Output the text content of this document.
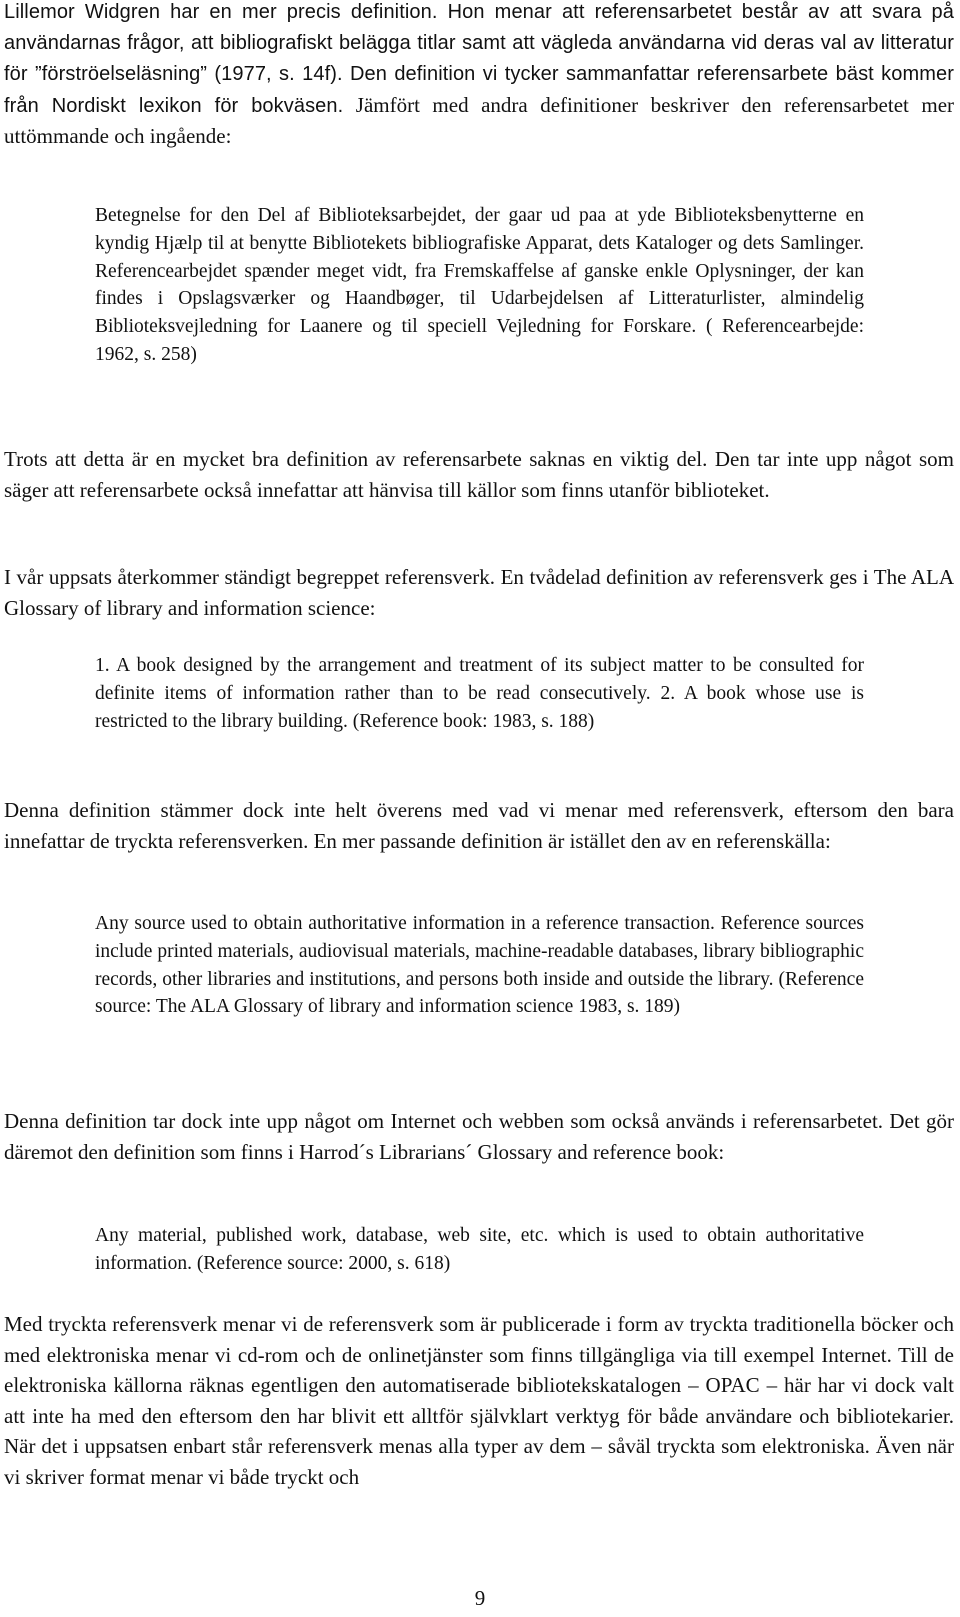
Lillemor Widgren har en mer precis definition. Hon menar att referensarbetet består av att svara på användarnas frågor, att bibliografiskt belägga titlar samt att vägleda användarna vid deras val av litteratur för ”förströelseläsning” (1977, s. 14f). Den definition vi tycker sammanfattar referensarbete bäst kommer från Nordiskt lexikon för bokväsen. Jämfört med andra definitioner beskriver den referensarbetet mer uttömmande och ingående:

Betegnelse for den Del af Biblioteksarbejdet, der gaar ud paa at yde Biblioteksbenytterne en kyndig Hjælp til at benytte Bibliotekets bibliografiske Apparat, dets Kataloger og dets Samlinger. Referencearbejdet spænder meget vidt, fra Fremskaffelse af ganske enkle Oplysninger, der kan findes i Opslagsværker og Haandbøger, til Udarbejdelsen af Litteraturlister, almindelig Biblioteksvejledning for Laanere og til speciell Vejledning for Forskare. ( Referencearbejde: 1962, s. 258)

Trots att detta är en mycket bra definition av referensarbete saknas en viktig del. Den tar inte upp något som säger att referensarbete också innefattar att hänvisa till källor som finns utanför biblioteket.

I vår uppsats återkommer ständigt begreppet referensverk. En tvådelad definition av referensverk ges i The ALA Glossary of library and information science:

1. A book designed by the arrangement and treatment of its subject matter to be consulted for definite items of information rather than to be read consecutively. 2. A book whose use is restricted to the library building. (Reference book: 1983, s. 188)

Denna definition stämmer dock inte helt överens med vad vi menar med referensverk, eftersom den bara innefattar de tryckta referensverken. En mer passande definition är istället den av en referenskälla:

Any source used to obtain authoritative information in a reference transaction. Reference sources include printed materials, audiovisual materials, machine-readable databases, library bibliographic records, other libraries and institutions, and persons both inside and outside the library. (Reference source: The ALA Glossary of library and information science 1983, s. 189)

Denna definition tar dock inte upp något om Internet och webben som också används i referensarbetet. Det gör däremot den definition som finns i Harrod´s Librarians´ Glossary and reference book:

Any material, published work, database, web site, etc. which is used to obtain authoritative information. (Reference source: 2000, s. 618)

Med tryckta referensverk menar vi de referensverk som är publicerade i form av tryckta traditionella böcker och med elektroniska menar vi cd-rom och de onlinetjänster som finns tillgängliga via till exempel Internet. Till de elektroniska källorna räknas egentligen den automatiserade bibliotekskatalogen – OPAC – här har vi dock valt att inte ha med den eftersom den har blivit ett alltför självklart verktyg för både användare och bibliotekarier. När det i uppsatsen enbart står referensverk menas alla typer av dem – såväl tryckta som elektroniska. Även när vi skriver format menar vi både tryckt och

9
